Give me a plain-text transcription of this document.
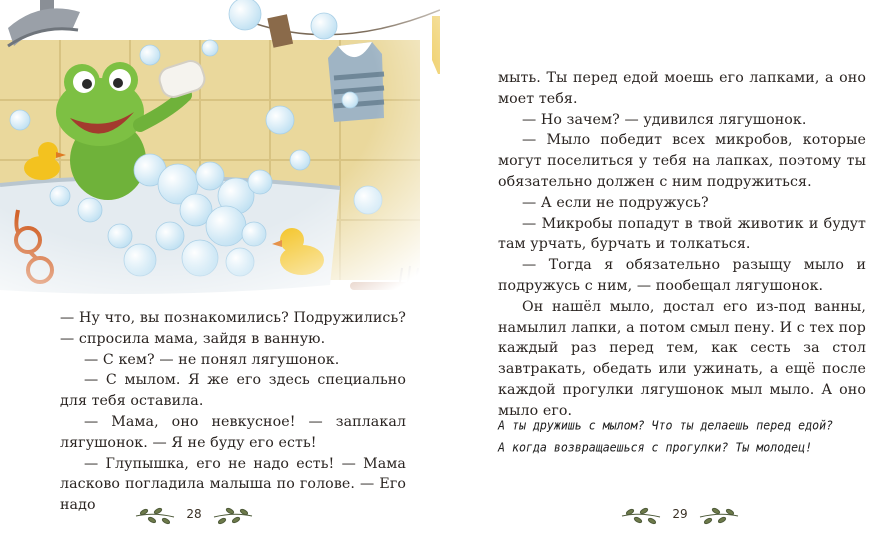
— Ну что, вы познакомились? Подружились? — спросила мама, зайдя в ванную.

— С кем? — не понял лягушонок.

— С мылом. Я же его здесь специально для тебя оставила.

— Мама, оно невкусное! — заплакал лягушонок. — Я не буду его есть!

— Глупышка, его не надо есть! — Мама ласково погладила малыша по голове. — Его надо

28

мыть. Ты перед едой моешь его лапками, а оно моет тебя.

— Но зачем? — удивился лягушонок.

— Мыло победит всех микробов, которые могут поселиться у тебя на лапках, поэтому ты обязательно должен с ним подружиться.

— А если не подружусь?

— Микробы попадут в твой животик и будут там урчать, бурчать и толкаться.

— Тогда я обязательно разыщу мыло и подружусь с ним, — пообещал лягушонок.

Он нашёл мыло, достал его из-под ванны, намылил лапки, а потом смыл пену. И с тех пор каждый раз перед тем, как сесть за стол завтракать, обедать или ужинать, а ещё после каждой прогулки лягушонок мыл мыло. А оно мыло его.

А ты дружишь с мылом? Что ты делаешь перед едой?

А когда возвращаешься с прогулки? Ты молодец!

29
